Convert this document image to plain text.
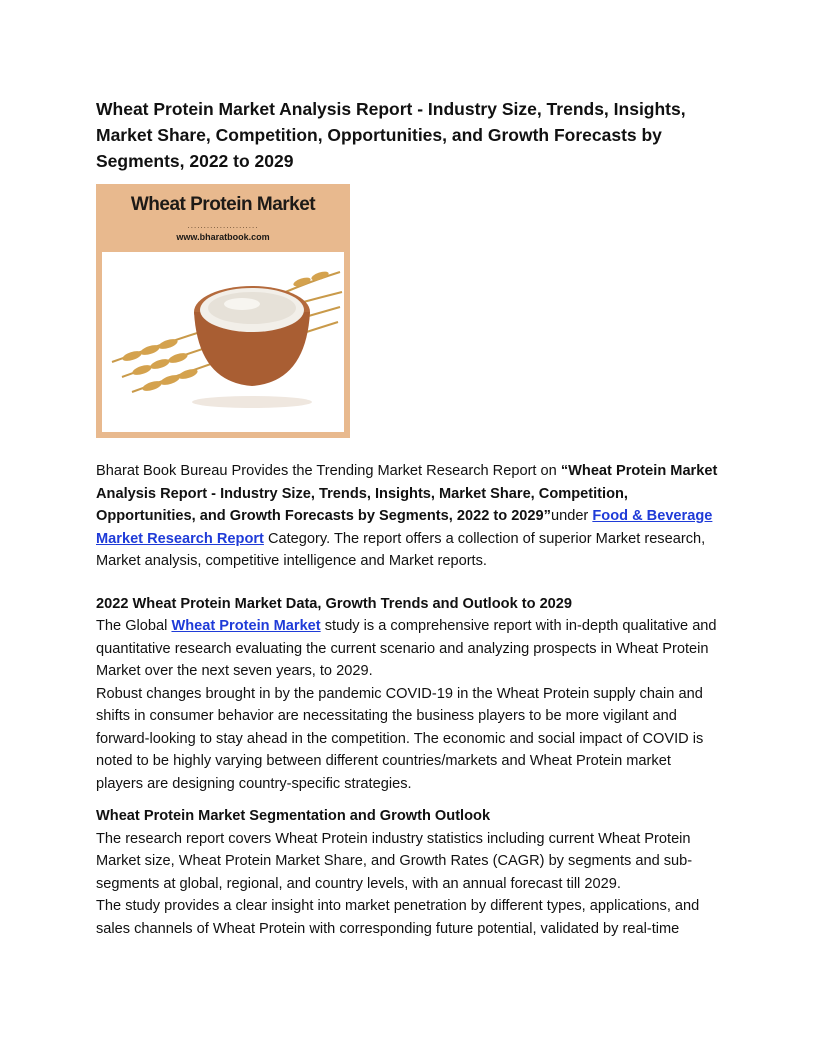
Wheat Protein Market Analysis Report - Industry Size, Trends, Insights, Market Share, Competition, Opportunities, and Growth Forecasts by Segments, 2022 to 2029
Wheat Protein Market
......................
www.bharatbook.com

Bharat Book Bureau Provides the Trending Market Research Report on “Wheat Protein Market Analysis Report - Industry Size, Trends, Insights, Market Share, Competition, Opportunities, and Growth Forecasts by Segments, 2022 to 2029”under Food & Beverage Market Research Report Category. The report offers a collection of superior Market research, Market analysis, competitive intelligence and Market reports.

2022 Wheat Protein Market Data, Growth Trends and Outlook to 2029

The Global Wheat Protein Market study is a comprehensive report with in-depth qualitative and quantitative research evaluating the current scenario and analyzing prospects in Wheat Protein Market over the next seven years, to 2029.

Robust changes brought in by the pandemic COVID-19 in the Wheat Protein supply chain and shifts in consumer behavior are necessitating the business players to be more vigilant and forward-looking to stay ahead in the competition. The economic and social impact of COVID is noted to be highly varying between different countries/markets and Wheat Protein market players are designing country-specific strategies.

Wheat Protein Market Segmentation and Growth Outlook

The research report covers Wheat Protein industry statistics including current Wheat Protein Market size, Wheat Protein Market Share, and Growth Rates (CAGR) by segments and sub-segments at global, regional, and country levels, with an annual forecast till 2029.

The study provides a clear insight into market penetration by different types, applications, and sales channels of Wheat Protein with corresponding future potential, validated by real-time
